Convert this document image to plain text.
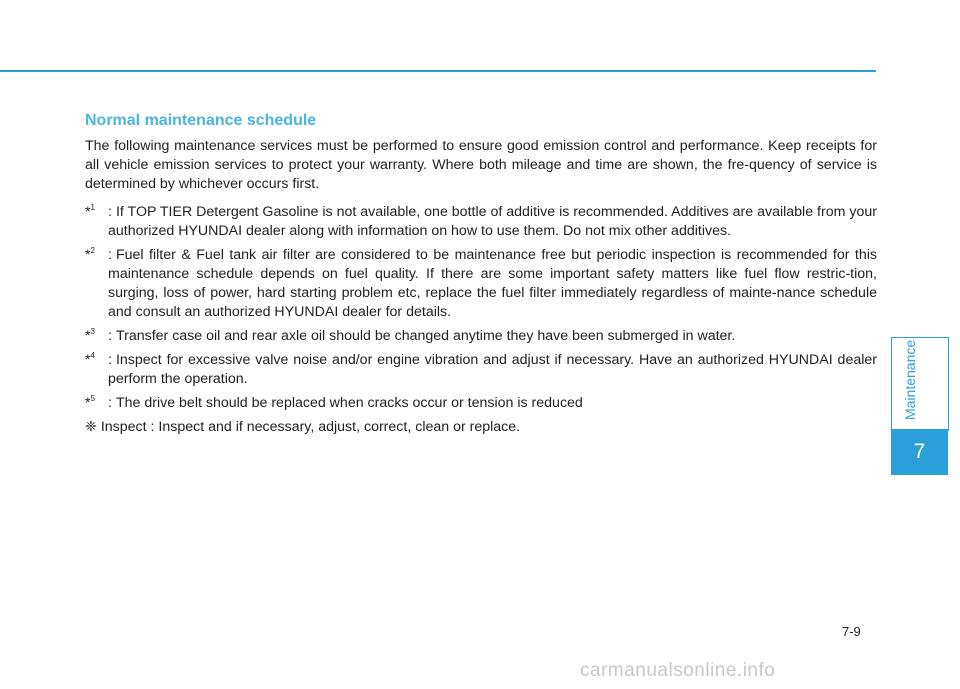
Normal maintenance schedule
The following maintenance services must be performed to ensure good emission control and performance. Keep receipts for all vehicle emission services to protect your warranty. Where both mileage and time are shown, the fre-quency of service is determined by whichever occurs first.
*$^1$ : If TOP TIER Detergent Gasoline is not available, one bottle of additive is recommended. Additives are available from your authorized HYUNDAI dealer along with information on how to use them. Do not mix other additives.
*$^2$ : Fuel filter & Fuel tank air filter are considered to be maintenance free but periodic inspection is recommended for this maintenance schedule depends on fuel quality. If there are some important safety matters like fuel flow restric-tion, surging, loss of power, hard starting problem etc, replace the fuel filter immediately regardless of mainte-nance schedule and consult an authorized HYUNDAI dealer for details.
*$^3$ : Transfer case oil and rear axle oil should be changed anytime they have been submerged in water.
*$^4$ : Inspect for excessive valve noise and/or engine vibration and adjust if necessary. Have an authorized HYUNDAI dealer perform the operation.
*$^5$ : The drive belt should be replaced when cracks occur or tension is reduced
❈ Inspect : Inspect and if necessary, adjust, correct, clean or replace.
Maintenance
7
7-9
carmanualsonline.info
